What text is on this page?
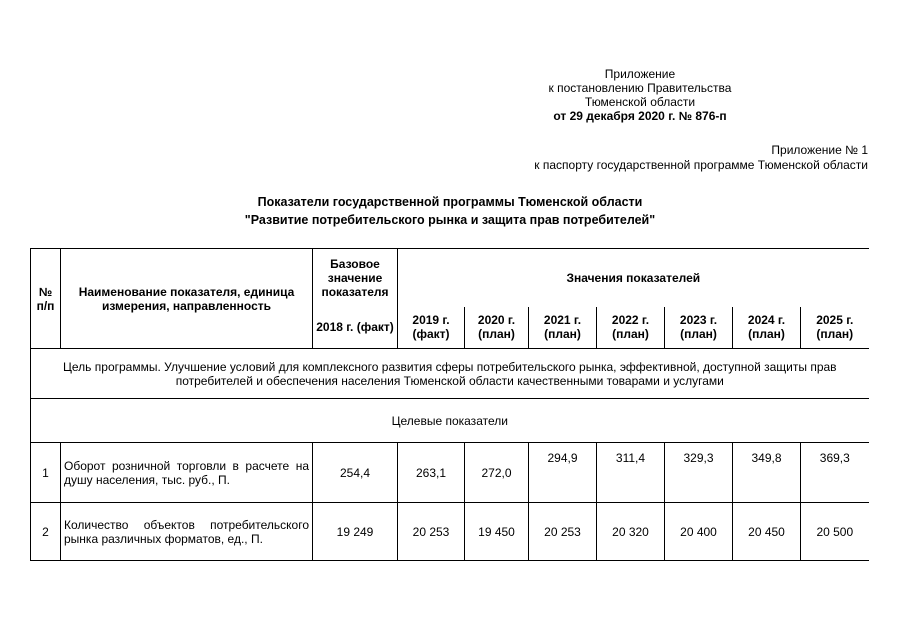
Приложение
к постановлению Правительства
Тюменской области
от 29 декабря 2020 г. № 876-п
Приложение № 1
к паспорту государственной программе Тюменской области
Показатели государственной программы Тюменской области
"Развитие потребительского рынка и защита прав потребителей"
№ п/п	Наименование показателя, единица измерения, направленность	Базовое значение показателя	Значения показателей						
		2018 г. (факт)	2019 г. (факт)	2020 г. (план)	2021 г. (план)	2022 г. (план)	2023 г. (план)	2024 г. (план)	2025 г. (план)
Цель программы. Улучшение условий для комплексного развития сферы потребительского рынка, эффективной, доступной защиты прав потребителей и обеспечения населения Тюменской области качественными товарами и услугами									
Целевые показатели									
1	Оборот розничной торговли в расчете на душу населения, тыс. руб., П.	254,4	263,1	272,0	294,9	311,4	329,3	349,8	369,3
2	Количество объектов потребительского рынка различных форматов, ед., П.	19 249	20 253	19 450	20 253	20 320	20 400	20 450	20 500
